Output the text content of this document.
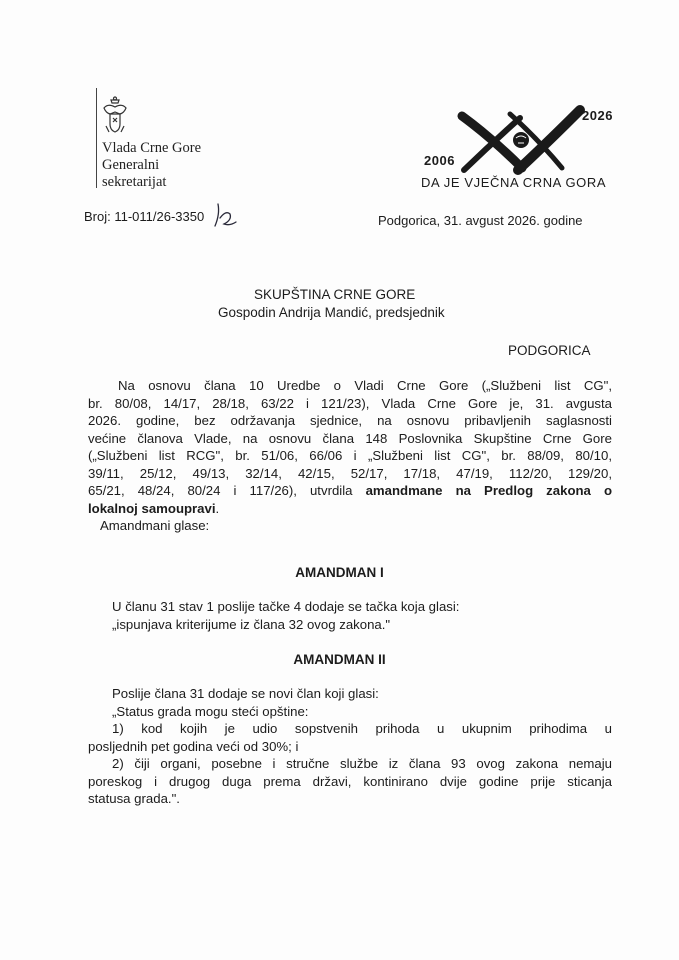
Vlada Crne Gore
Generalni
sekretarijat
2026
2006
DA JE VJEČNA CRNA GORA
Broj: 11-011/26-3350	Podgorica, 31. avgust 2026. godine
SKUPŠTINA CRNE GORE
Gospodin Andrija Mandić, predsjednik
PODGORICA
Na osnovu člana 10 Uredbe o Vladi Crne Gore („Službeni list CG",
br. 80/08, 14/17, 28/18, 63/22 i 121/23), Vlada Crne Gore je, 31. avgusta
2026. godine, bez održavanja sjednice, na osnovu pribavljenih saglasnosti
većine članova Vlade, na osnovu člana 148 Poslovnika Skupštine Crne Gore
(„Službeni list RCG", br. 51/06, 66/06 i „Službeni list CG", br. 88/09, 80/10,
39/11, 25/12, 49/13, 32/14, 42/15, 52/17, 17/18, 47/19, 112/20, 129/20,
65/21, 48/24, 80/24 i 117/26), utvrdila amandmane na Predlog zakona o
lokalnoj samoupravi.
Amandmani glase:
AMANDMAN I
U članu 31 stav 1 poslije tačke 4 dodaje se tačka koja glasi:
„ispunjava kriterijume iz člana 32 ovog zakona."
AMANDMAN II
Poslije člana 31 dodaje se novi član koji glasi:
„Status grada mogu steći opštine:
1) kod kojih je udio sopstvenih prihoda u ukupnim prihodima u
posljednih pet godina veći od 30%; i
2) čiji organi, posebne i stručne službe iz člana 93 ovog zakona nemaju
poreskog i drugog duga prema državi, kontinirano dvije godine prije sticanja
statusa grada.".
